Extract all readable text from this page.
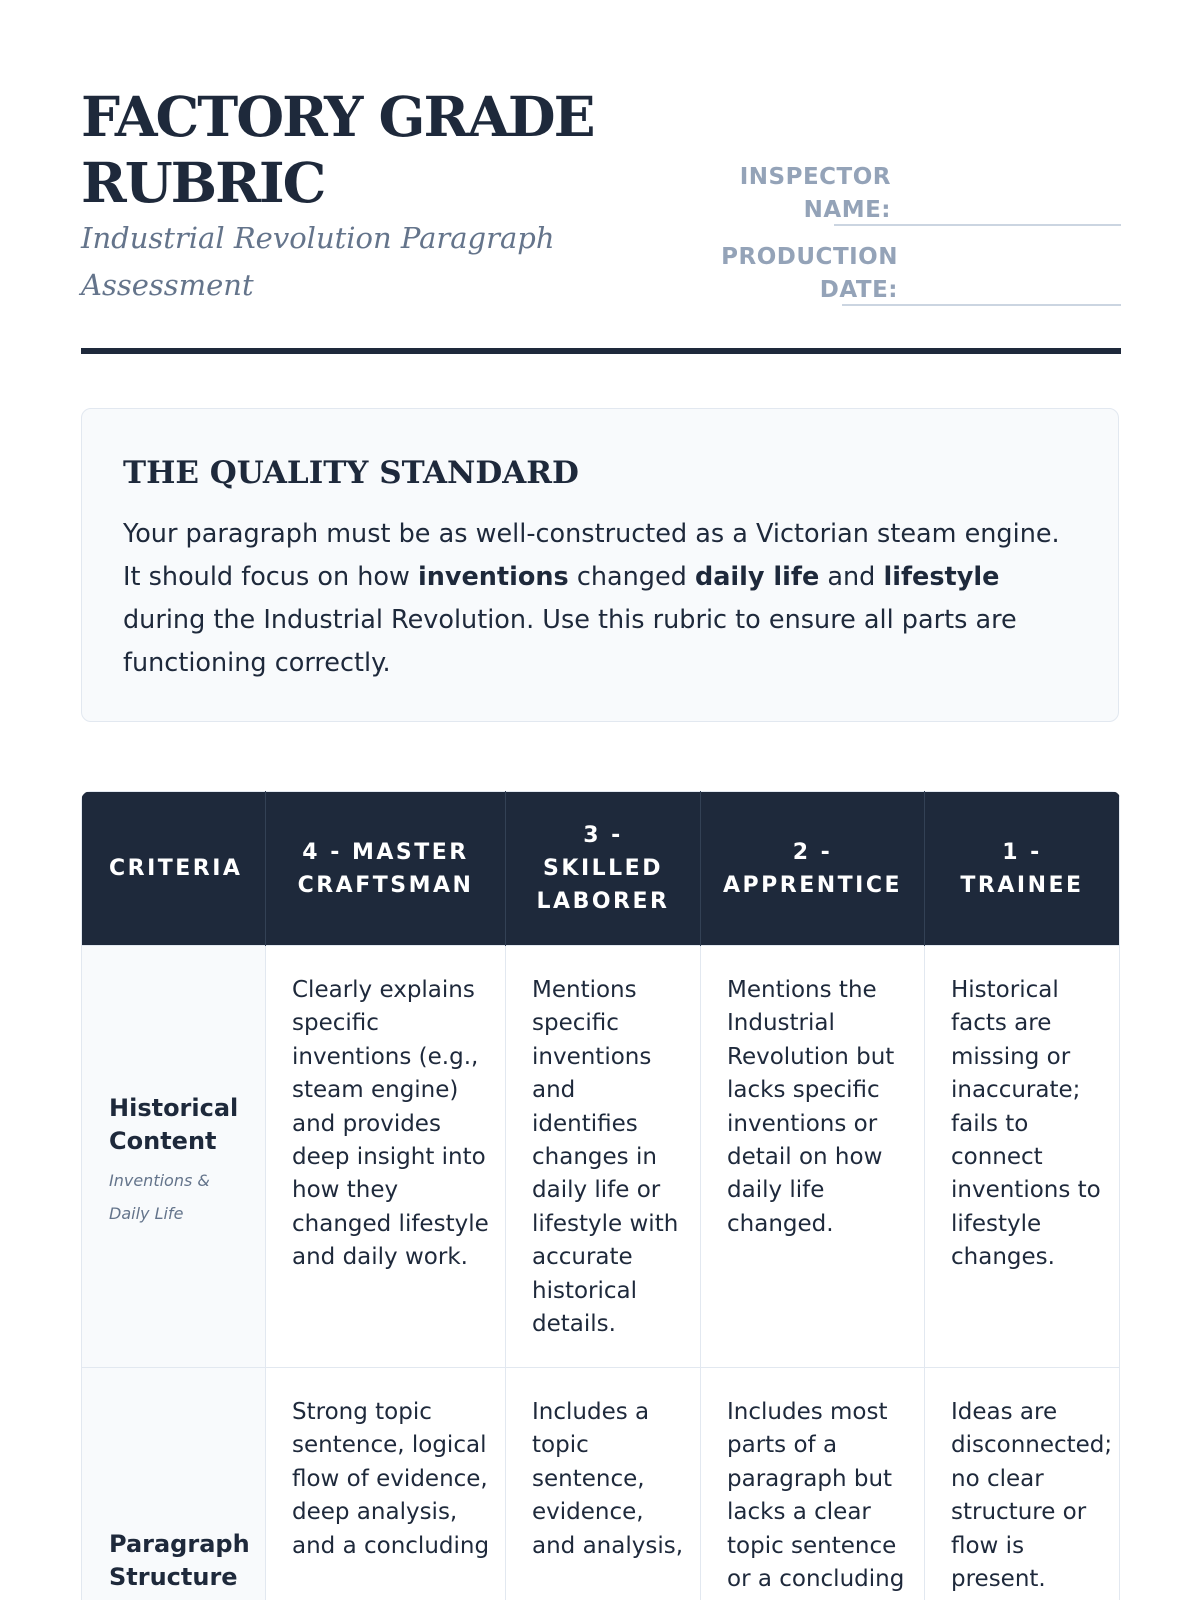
FACTORY GRADE RUBRIC

Industrial Revolution Paragraph Assessment

INSPECTOR NAME:
PRODUCTION DATE:
THE QUALITY STANDARD

Your paragraph must be as well-constructed as a Victorian steam engine. It should focus on how inventions changed daily life and lifestyle during the Industrial Revolution. Use this rubric to ensure all parts are functioning correctly.

CRITERIA	4 - MASTER CRAFTSMAN	3 - SKILLED LABORER	2 - APPRENTICE	1 - TRAINEE

Historical Content
Inventions & Daily Life	Clearly explains specific inventions (e.g., steam engine) and provides deep insight into how they changed lifestyle and daily work.	Mentions specific inventions and identifies changes in daily life or lifestyle with accurate historical details.	Mentions the Industrial Revolution but lacks specific inventions or detail on how daily life changed.	Historical facts are missing or inaccurate; fails to connect inventions to lifestyle changes.

Paragraph Structure	Strong topic sentence, logical flow of evidence, deep analysis, and a concluding	Includes a topic sentence, evidence, and analysis,	Includes most parts of a paragraph but lacks a clear topic sentence or a concluding	Ideas are disconnected; no clear structure or flow is present.
